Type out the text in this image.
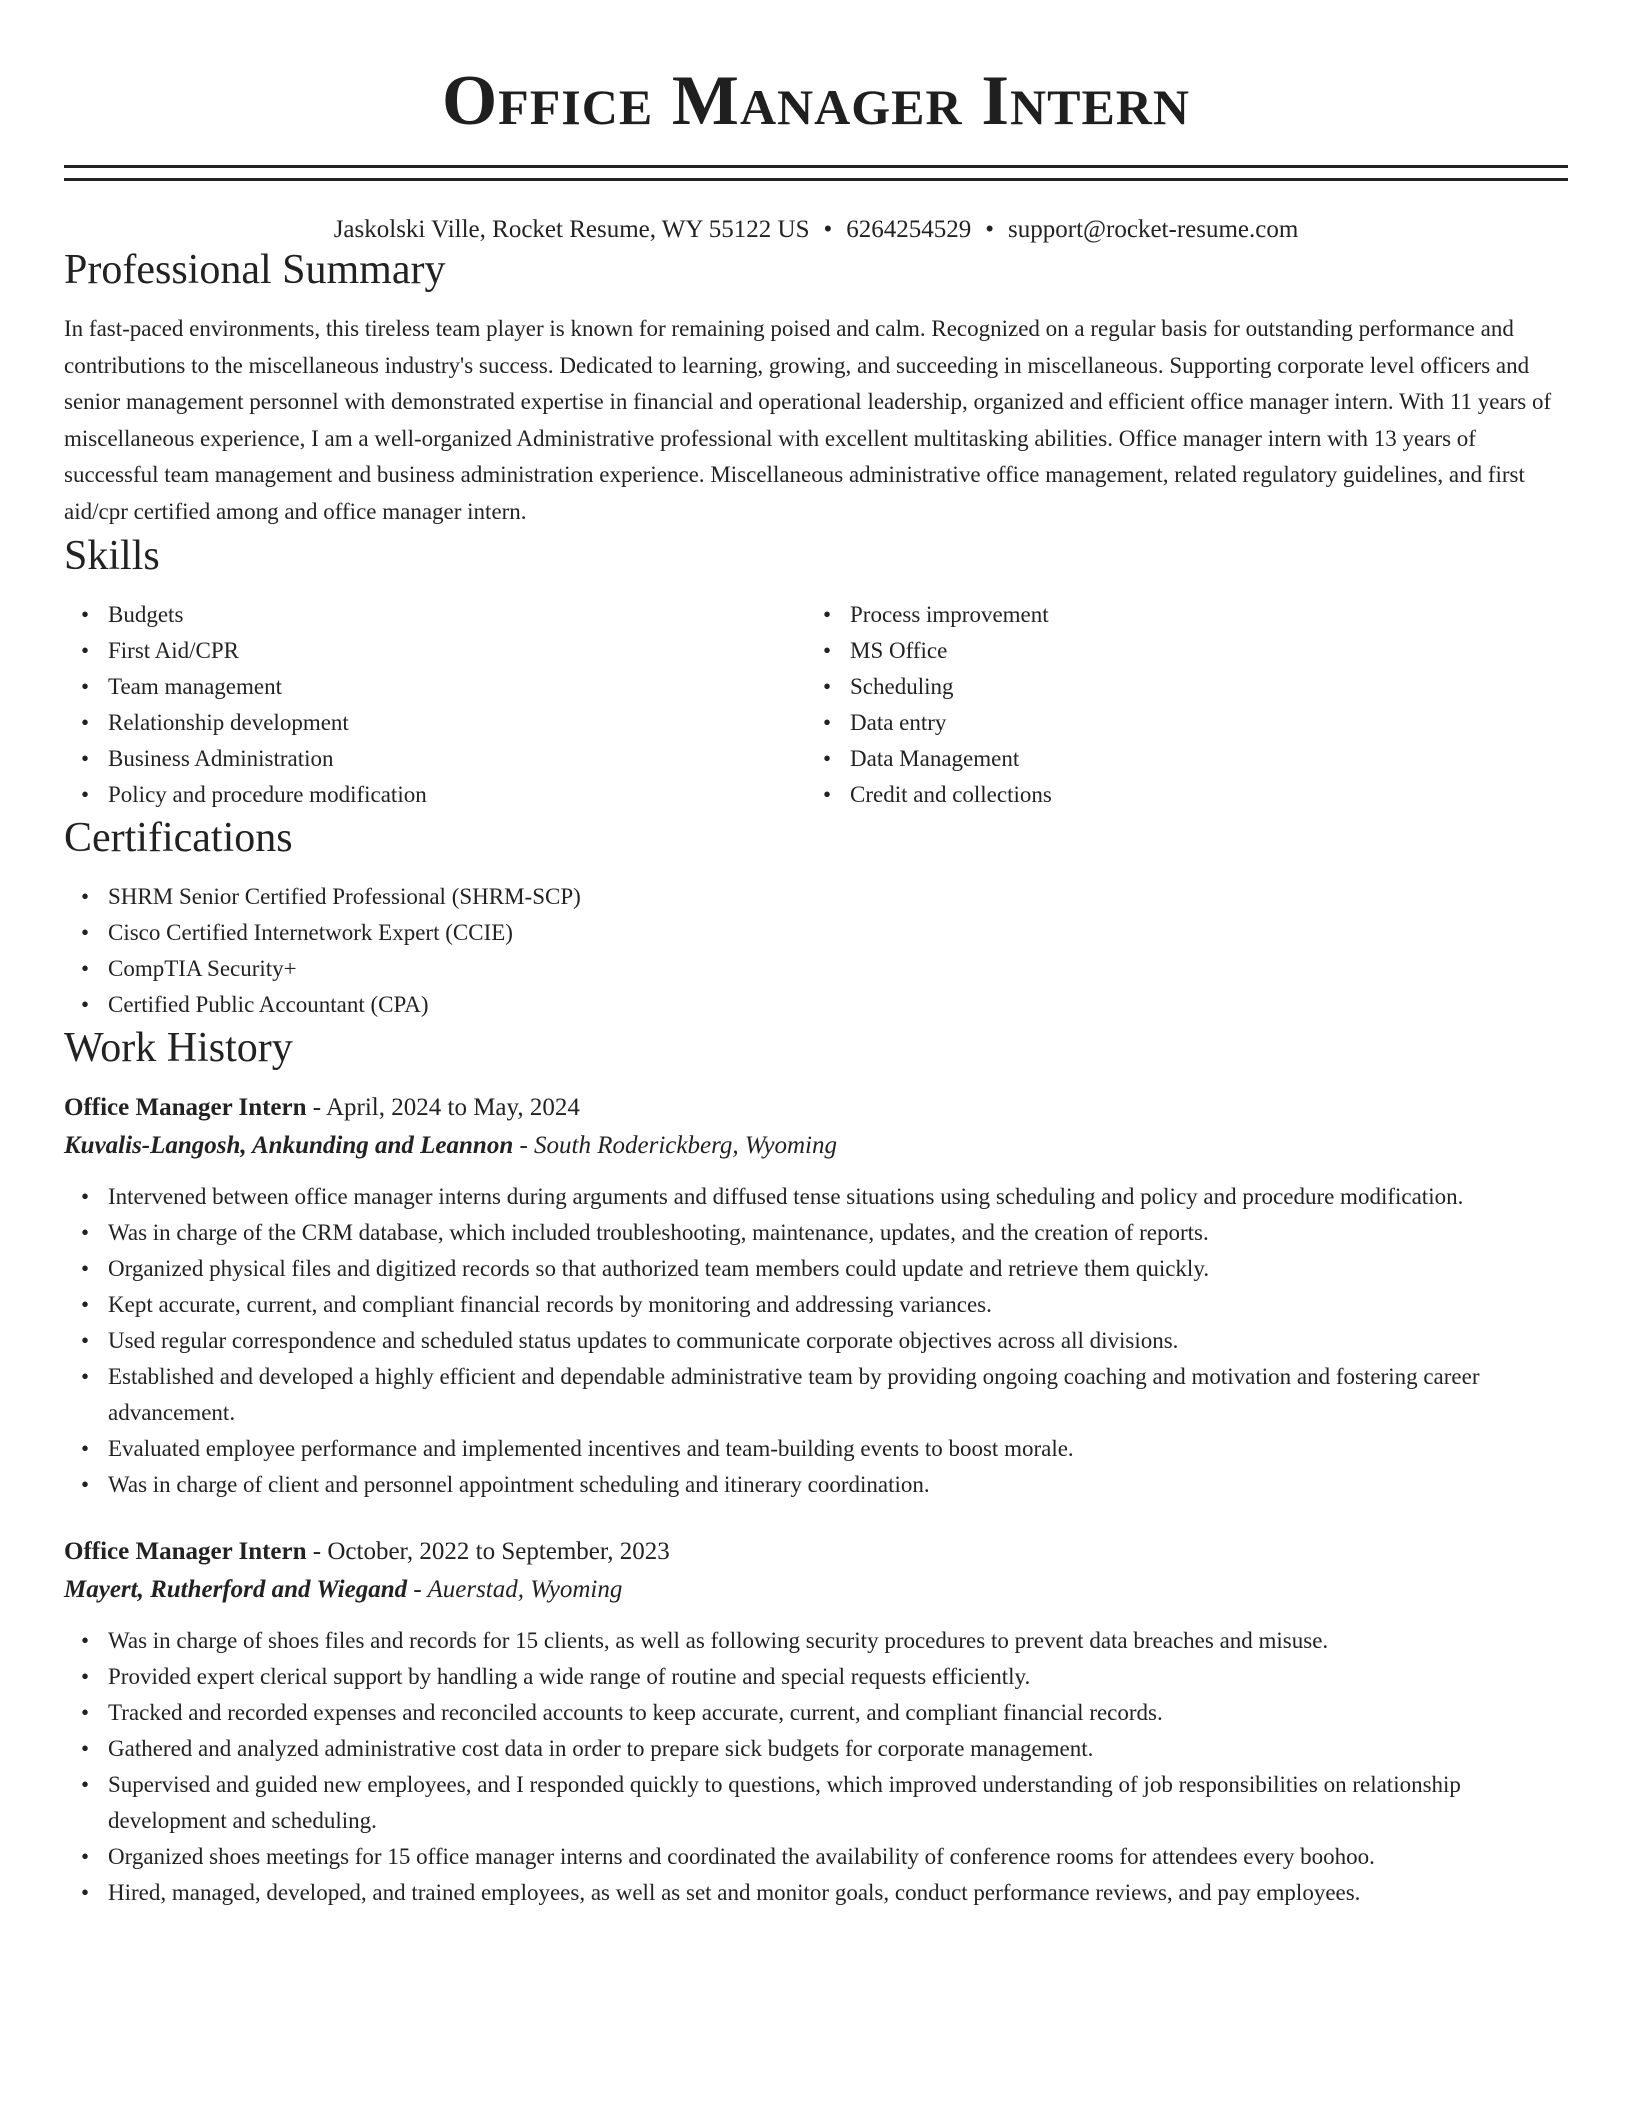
Office Manager Intern
Jaskolski Ville, Rocket Resume, WY 55122 US • 6264254529 • support@rocket-resume.com
Professional Summary

In fast-paced environments, this tireless team player is known for remaining poised and calm. Recognized on a regular basis for outstanding performance and contributions to the miscellaneous industry's success. Dedicated to learning, growing, and succeeding in miscellaneous. Supporting corporate level officers and senior management personnel with demonstrated expertise in financial and operational leadership, organized and efficient office manager intern. With 11 years of miscellaneous experience, I am a well-organized Administrative professional with excellent multitasking abilities. Office manager intern with 13 years of successful team management and business administration experience. Miscellaneous administrative office management, related regulatory guidelines, and first aid/cpr certified among and office manager intern.

Skills
• Budgets
• First Aid/CPR
• Team management
• Relationship development
• Business Administration
• Policy and procedure modification
• Process improvement
• MS Office
• Scheduling
• Data entry
• Data Management
• Credit and collections
Certifications
• SHRM Senior Certified Professional (SHRM-SCP)
• Cisco Certified Internetwork Expert (CCIE)
• CompTIA Security+
• Certified Public Accountant (CPA)
Work History
Office Manager Intern - April, 2024 to May, 2024
Kuvalis-Langosh, Ankunding and Leannon - South Roderickberg, Wyoming
• Intervened between office manager interns during arguments and diffused tense situations using scheduling and policy and procedure modification.
• Was in charge of the CRM database, which included troubleshooting, maintenance, updates, and the creation of reports.
• Organized physical files and digitized records so that authorized team members could update and retrieve them quickly.
• Kept accurate, current, and compliant financial records by monitoring and addressing variances.
• Used regular correspondence and scheduled status updates to communicate corporate objectives across all divisions.
• Established and developed a highly efficient and dependable administrative team by providing ongoing coaching and motivation and fostering career advancement.
• Evaluated employee performance and implemented incentives and team-building events to boost morale.
• Was in charge of client and personnel appointment scheduling and itinerary coordination.
Office Manager Intern - October, 2022 to September, 2023
Mayert, Rutherford and Wiegand - Auerstad, Wyoming
• Was in charge of shoes files and records for 15 clients, as well as following security procedures to prevent data breaches and misuse.
• Provided expert clerical support by handling a wide range of routine and special requests efficiently.
• Tracked and recorded expenses and reconciled accounts to keep accurate, current, and compliant financial records.
• Gathered and analyzed administrative cost data in order to prepare sick budgets for corporate management.
• Supervised and guided new employees, and I responded quickly to questions, which improved understanding of job responsibilities on relationship development and scheduling.
• Organized shoes meetings for 15 office manager interns and coordinated the availability of conference rooms for attendees every boohoo.
• Hired, managed, developed, and trained employees, as well as set and monitor goals, conduct performance reviews, and pay employees.
